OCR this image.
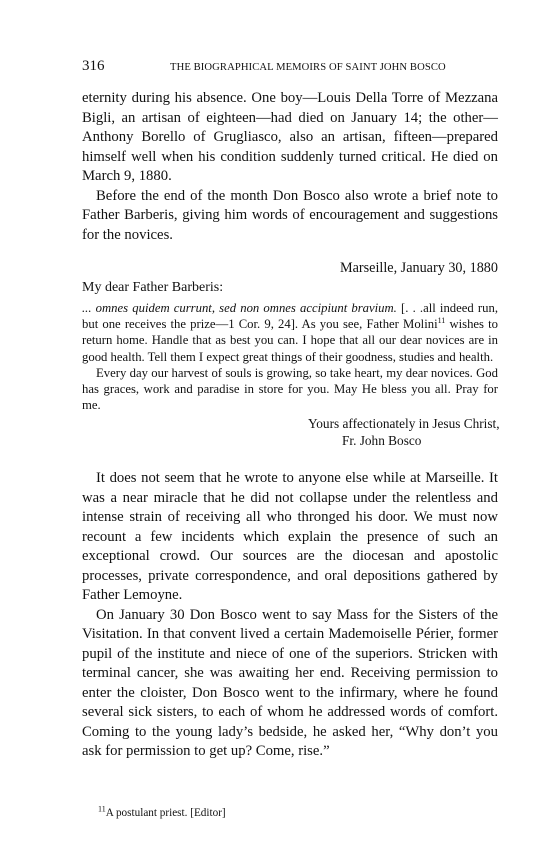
316	THE BIOGRAPHICAL MEMOIRS OF SAINT JOHN BOSCO

eternity during his absence. One boy—Louis Della Torre of Mezzana Bigli, an artisan of eighteen—had died on January 14; the other—Anthony Borello of Grugliasco, also an artisan, fifteen—prepared himself well when his condition suddenly turned critical. He died on March 9, 1880.

Before the end of the month Don Bosco also wrote a brief note to Father Barberis, giving him words of encouragement and suggestions for the novices.

Marseille, January 30, 1880

My dear Father Barberis:

... omnes quidem currunt, sed non omnes accipiunt bravium. [. . .all indeed run, but one receives the prize—1 Cor. 9, 24]. As you see, Father Molini$^{11}$ wishes to return home. Handle that as best you can. I hope that all our dear novices are in good health. Tell them I expect great things of their goodness, studies and health.

Every day our harvest of souls is growing, so take heart, my dear novices. God has graces, work and paradise in store for you. May He bless you all. Pray for me.

Yours affectionately in Jesus Christ,
Fr. John Bosco

It does not seem that he wrote to anyone else while at Marseille. It was a near miracle that he did not collapse under the relentless and intense strain of receiving all who thronged his door. We must now recount a few incidents which explain the presence of such an exceptional crowd. Our sources are the diocesan and apostolic processes, private correspondence, and oral depositions gathered by Father Lemoyne.

On January 30 Don Bosco went to say Mass for the Sisters of the Visitation. In that convent lived a certain Mademoiselle Périer, former pupil of the institute and niece of one of the superiors. Stricken with terminal cancer, she was awaiting her end. Receiving permission to enter the cloister, Don Bosco went to the infirmary, where he found several sick sisters, to each of whom he addressed words of comfort. Coming to the young lady’s bedside, he asked her, “Why don’t you ask for permission to get up? Come, rise.”

$^{11}$A postulant priest. [Editor]
